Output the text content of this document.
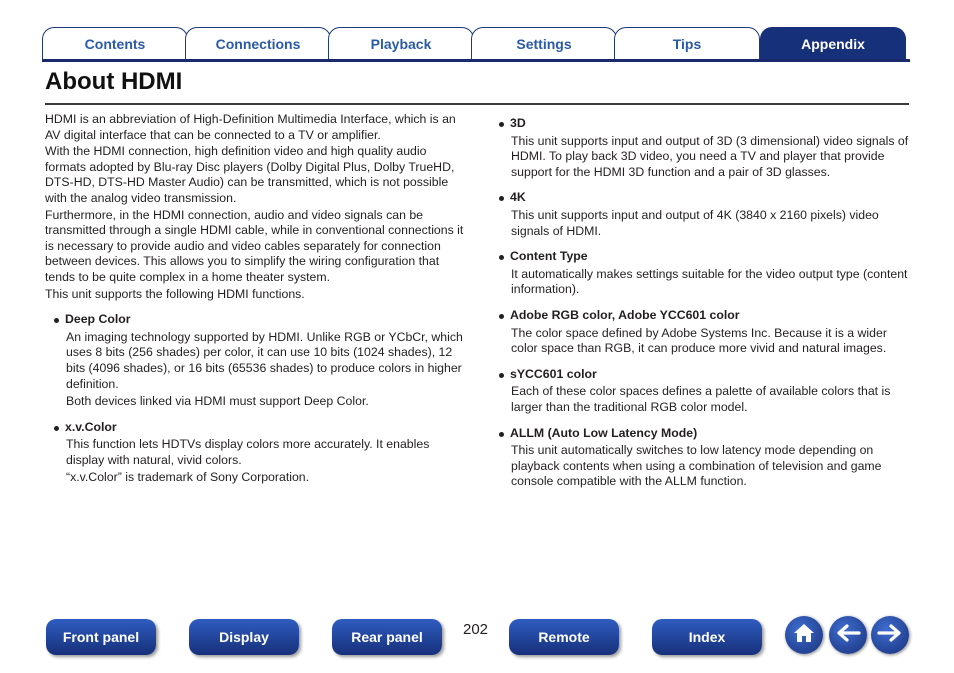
Contents	Connections	Playback	Settings	Tips	Appendix
About HDMI
HDMI is an abbreviation of High-Definition Multimedia Interface, which is an AV digital interface that can be connected to a TV or amplifier.
With the HDMI connection, high definition video and high quality audio formats adopted by Blu-ray Disc players (Dolby Digital Plus, Dolby TrueHD, DTS-HD, DTS-HD Master Audio) can be transmitted, which is not possible with the analog video transmission.
Furthermore, in the HDMI connection, audio and video signals can be transmitted through a single HDMI cable, while in conventional connections it is necessary to provide audio and video cables separately for connection between devices. This allows you to simplify the wiring configuration that tends to be quite complex in a home theater system.
This unit supports the following HDMI functions.
Deep Color
An imaging technology supported by HDMI. Unlike RGB or YCbCr, which uses 8 bits (256 shades) per color, it can use 10 bits (1024 shades), 12 bits (4096 shades), or 16 bits (65536 shades) to produce colors in higher definition.
Both devices linked via HDMI must support Deep Color.
x.v.Color
This function lets HDTVs display colors more accurately. It enables display with natural, vivid colors.
“x.v.Color” is trademark of Sony Corporation.
3D
This unit supports input and output of 3D (3 dimensional) video signals of HDMI. To play back 3D video, you need a TV and player that provide support for the HDMI 3D function and a pair of 3D glasses.
4K
This unit supports input and output of 4K (3840 x 2160 pixels) video signals of HDMI.
Content Type
It automatically makes settings suitable for the video output type (content information).
Adobe RGB color, Adobe YCC601 color
The color space defined by Adobe Systems Inc. Because it is a wider color space than RGB, it can produce more vivid and natural images.
sYCC601 color
Each of these color spaces defines a palette of available colors that is larger than the traditional RGB color model.
ALLM (Auto Low Latency Mode)
This unit automatically switches to low latency mode depending on playback contents when using a combination of television and game console compatible with the ALLM function.
Front panel	Display	Rear panel	202	Remote	Index
